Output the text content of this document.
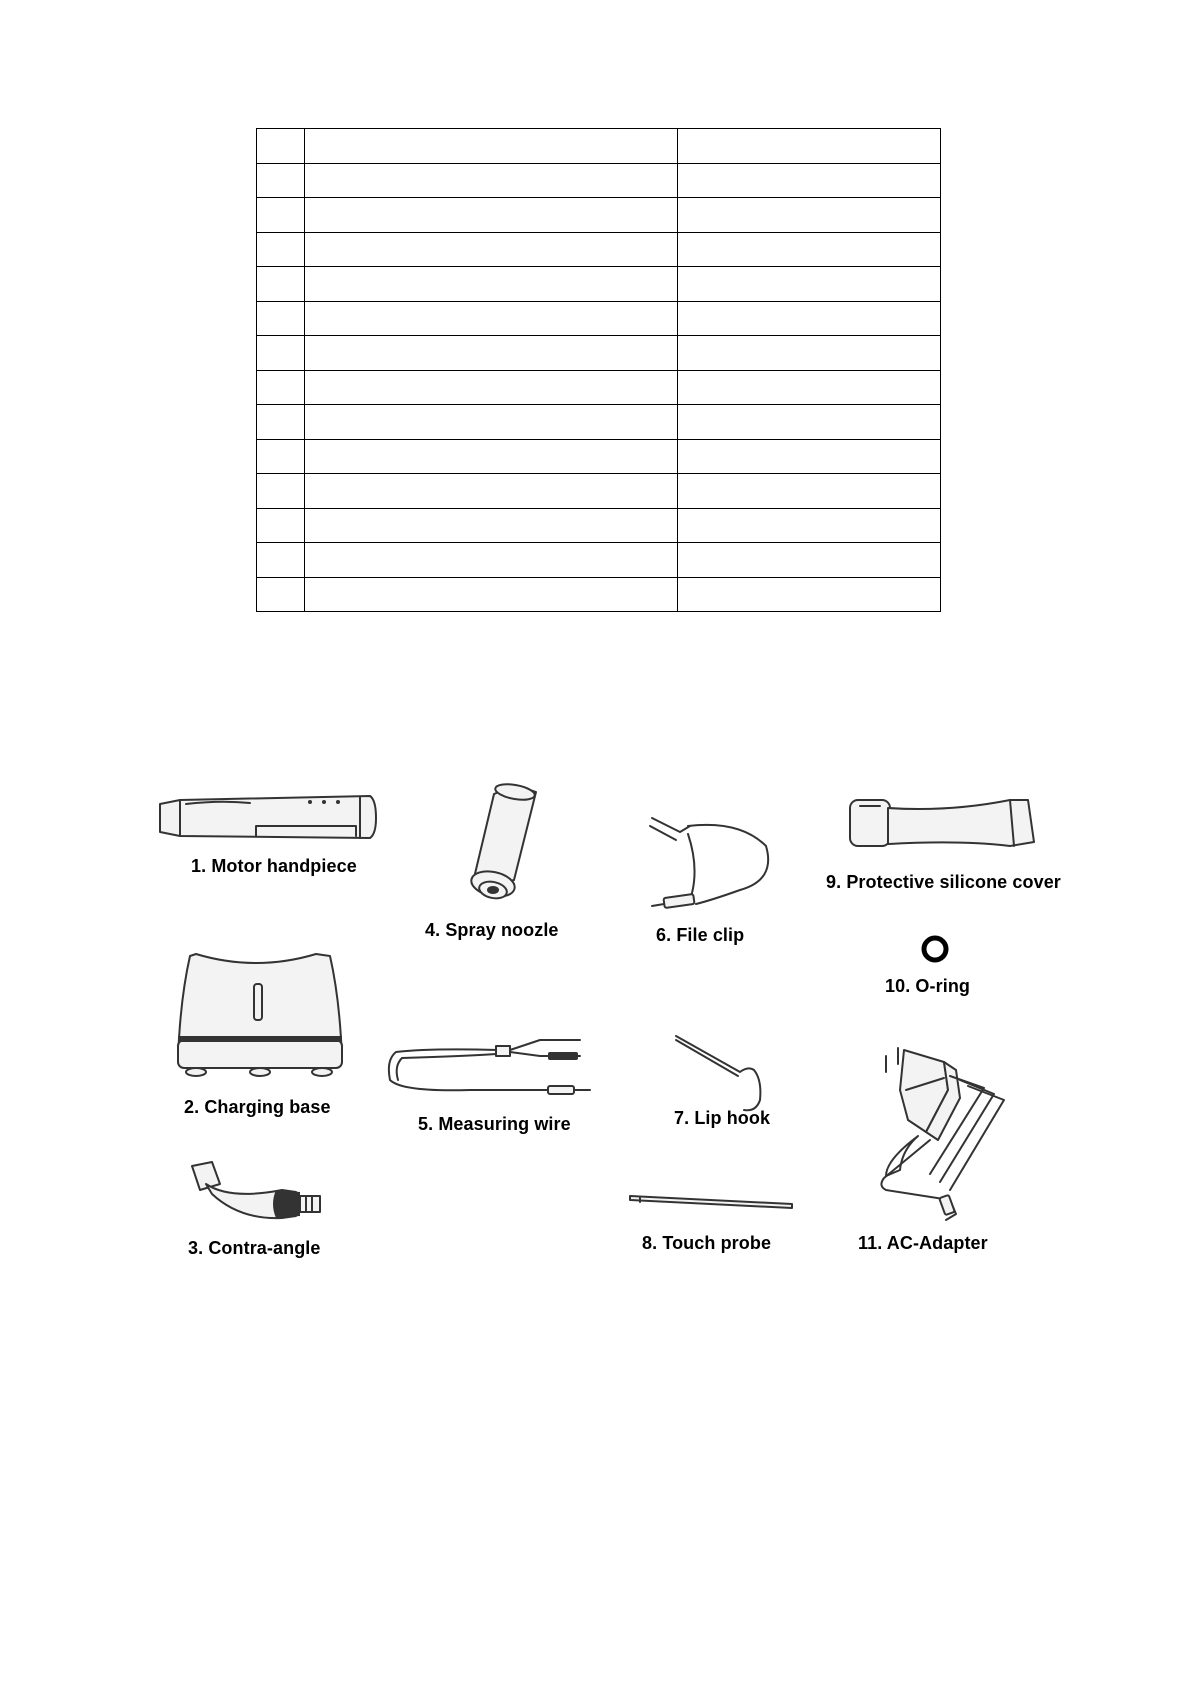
1. Motor handpiece
2. Charging base
3. Contra-angle
4. Spray noozle
5. Measuring wire
6. File clip
7. Lip hook
8. Touch probe
9. Protective silicone cover
10. O-ring
11. AC-Adapter
